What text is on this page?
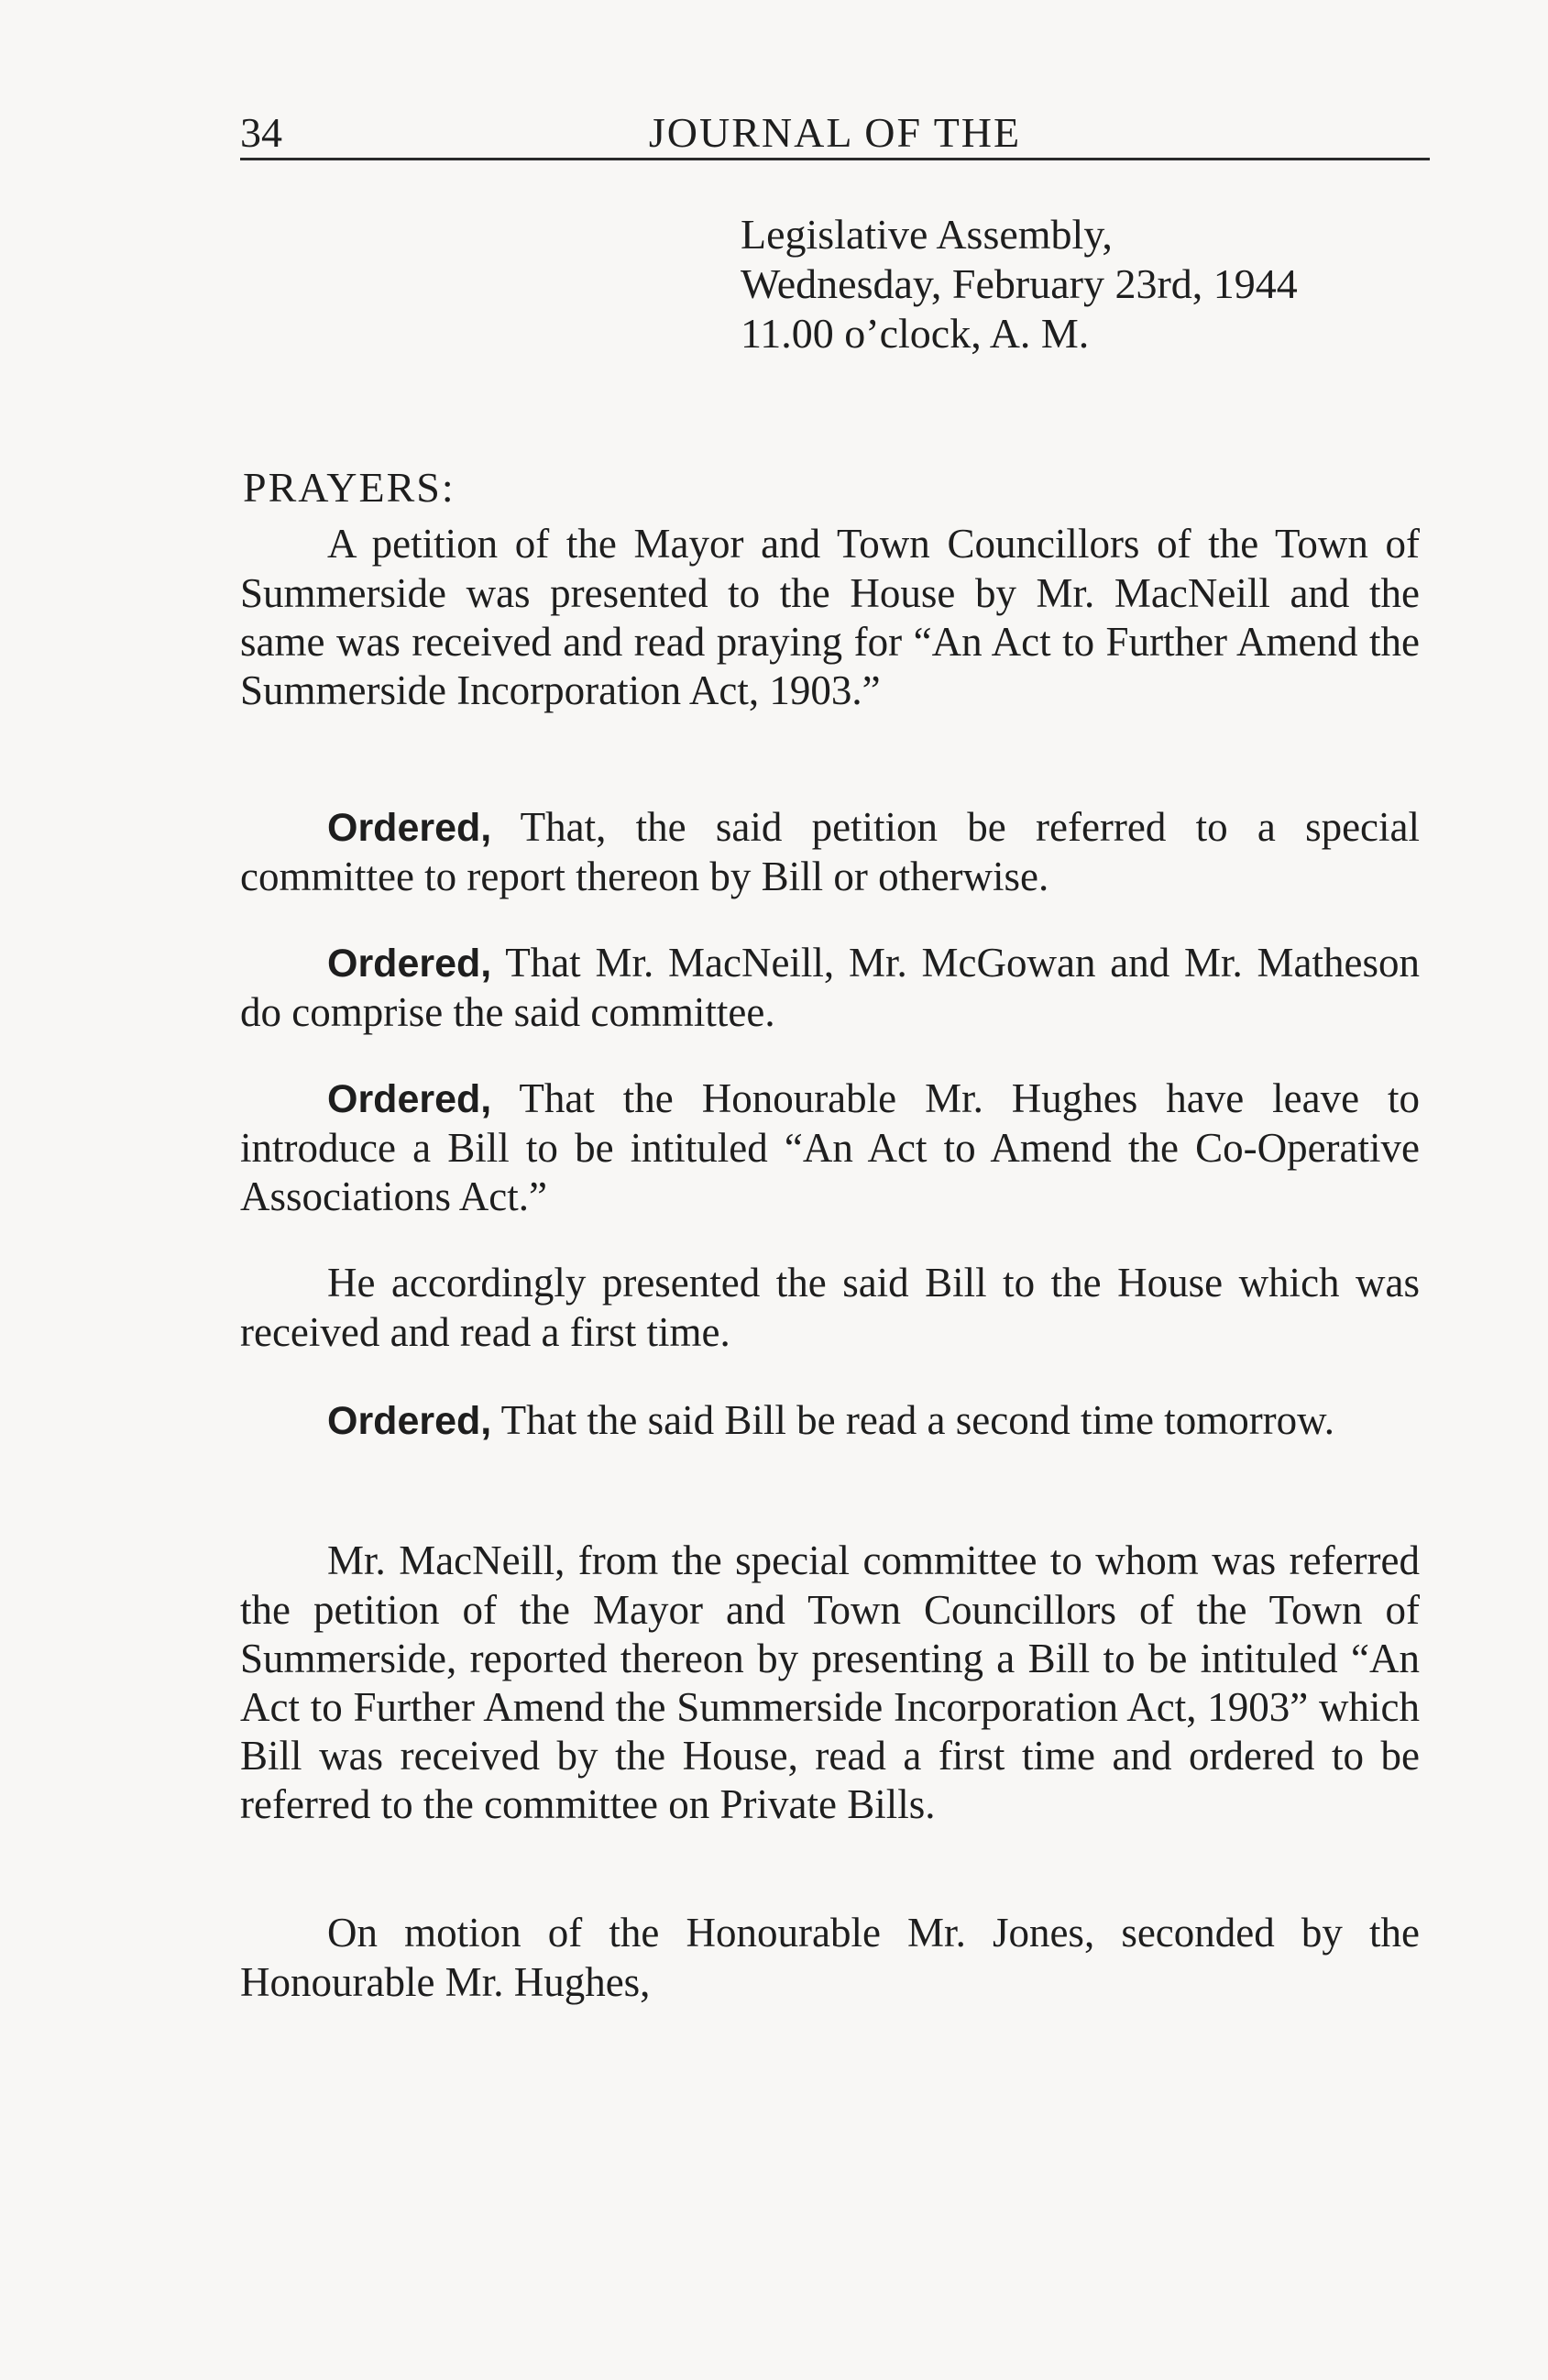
34	JOURNAL OF THE
Legislative Assembly,
Wednesday, February 23rd, 1944
11.00 o’clock, A. M.
PRAYERS:

A petition of the Mayor and Town Councillors of the Town of Summerside was presented to the House by Mr. MacNeill and the same was received and read praying for “An Act to Further Amend the Summerside Incorporation Act, 1903.”

Ordered, That, the said petition be referred to a special committee to report thereon by Bill or otherwise.

Ordered, That Mr. MacNeill, Mr. McGowan and Mr. Matheson do comprise the said committee.

Ordered, That the Honourable Mr. Hughes have leave to introduce a Bill to be intituled “An Act to Amend the Co-Operative Associations Act.”

He accordingly presented the said Bill to the House which was received and read a first time.

Ordered, That the said Bill be read a second time tomorrow.

Mr. MacNeill, from the special committee to whom was referred the petition of the Mayor and Town Councillors of the Town of Summerside, reported thereon by presenting a Bill to be intituled “An Act to Further Amend the Summerside Incorporation Act, 1903” which Bill was received by the House, read a first time and ordered to be referred to the committee on Private Bills.

On motion of the Honourable Mr. Jones, seconded by the Honourable Mr. Hughes,
